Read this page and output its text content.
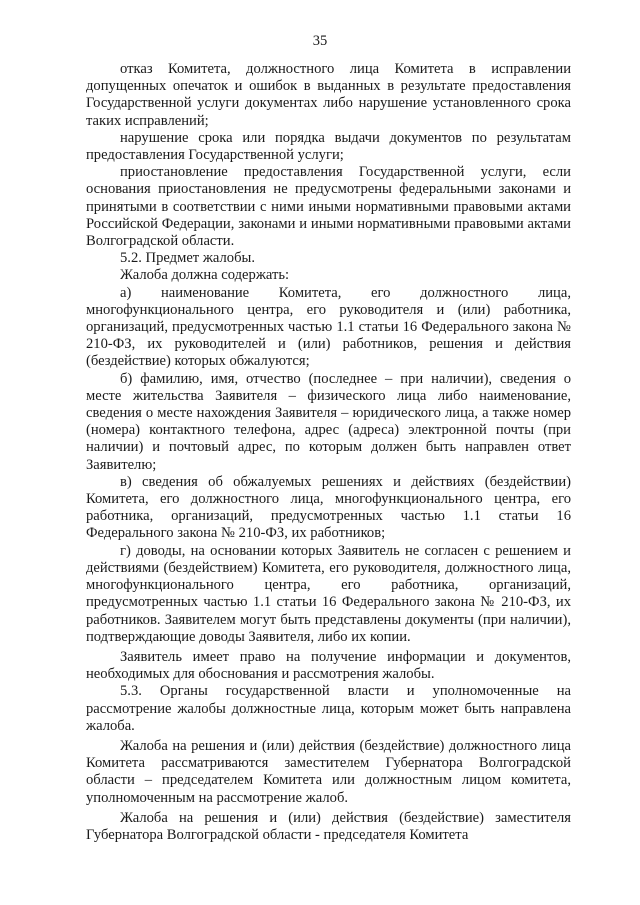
35

отказ Комитета, должностного лица Комитета в исправлении допущенных опечаток и ошибок в выданных в результате предоставления Государственной услуги документах либо нарушение установленного срока таких исправлений;

нарушение срока или порядка выдачи документов по результатам предоставления Государственной услуги;

приостановление предоставления Государственной услуги, если основания приостановления не предусмотрены федеральными законами и принятыми в соответствии с ними иными нормативными правовыми актами Российской Федерации, законами и иными нормативными правовыми актами Волгоградской области.

5.2. Предмет жалобы.

Жалоба должна содержать:

а) наименование Комитета, его должностного лица, многофункционального центра, его руководителя и (или) работника, организаций, предусмотренных частью 1.1 статьи 16 Федерального закона № 210-ФЗ, их руководителей и (или) работников, решения и действия (бездействие) которых обжалуются;

б) фамилию, имя, отчество (последнее – при наличии), сведения о месте жительства Заявителя – физического лица либо наименование, сведения о месте нахождения Заявителя – юридического лица, а также номер (номера) контактного телефона, адрес (адреса) электронной почты (при наличии) и почтовый адрес, по которым должен быть направлен ответ Заявителю;

в) сведения об обжалуемых решениях и действиях (бездействии) Комитета, его должностного лица, многофункционального центра, его работника, организаций, предусмотренных частью 1.1 статьи 16 Федерального закона № 210-ФЗ, их работников;

г) доводы, на основании которых Заявитель не согласен с решением и действиями (бездействием) Комитета, его руководителя, должностного лица, многофункционального центра, его работника, организаций, предусмотренных частью 1.1 статьи 16 Федерального закона № 210-ФЗ, их работников. Заявителем могут быть представлены документы (при наличии), подтверждающие доводы Заявителя, либо их копии.

Заявитель имеет право на получение информации и документов, необходимых для обоснования и рассмотрения жалобы.

5.3. Органы государственной власти и уполномоченные на рассмотрение жалобы должностные лица, которым может быть направлена жалоба.

Жалоба на решения и (или) действия (бездействие) должностного лица Комитета рассматриваются заместителем Губернатора Волгоградской области – председателем Комитета или должностным лицом комитета, уполномоченным на рассмотрение жалоб.

Жалоба на решения и (или) действия (бездействие) заместителя Губернатора Волгоградской области - председателя Комитета
